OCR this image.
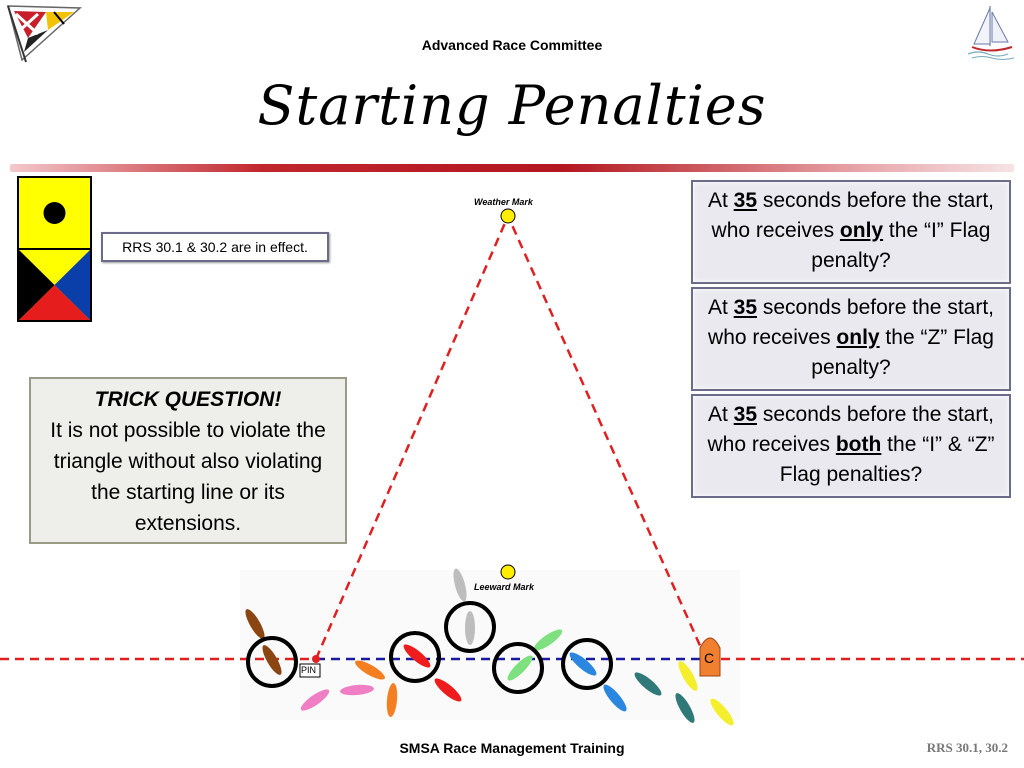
Advanced Race Committee
Starting Penalties
RRS 30.1 & 30.2 are in effect.
Weather Mark
Leeward Mark
PIN
C
At 35 seconds before the start, who receives only the “I” Flag penalty?
At 35 seconds before the start, who receives only the “Z” Flag penalty?
At 35 seconds before the start, who receives both the “I” & “Z” Flag penalties?
TRICK QUESTION!
It is not possible to violate the triangle without also violating the starting line or its extensions.
SMSA Race Management Training	RRS 30.1, 30.2
